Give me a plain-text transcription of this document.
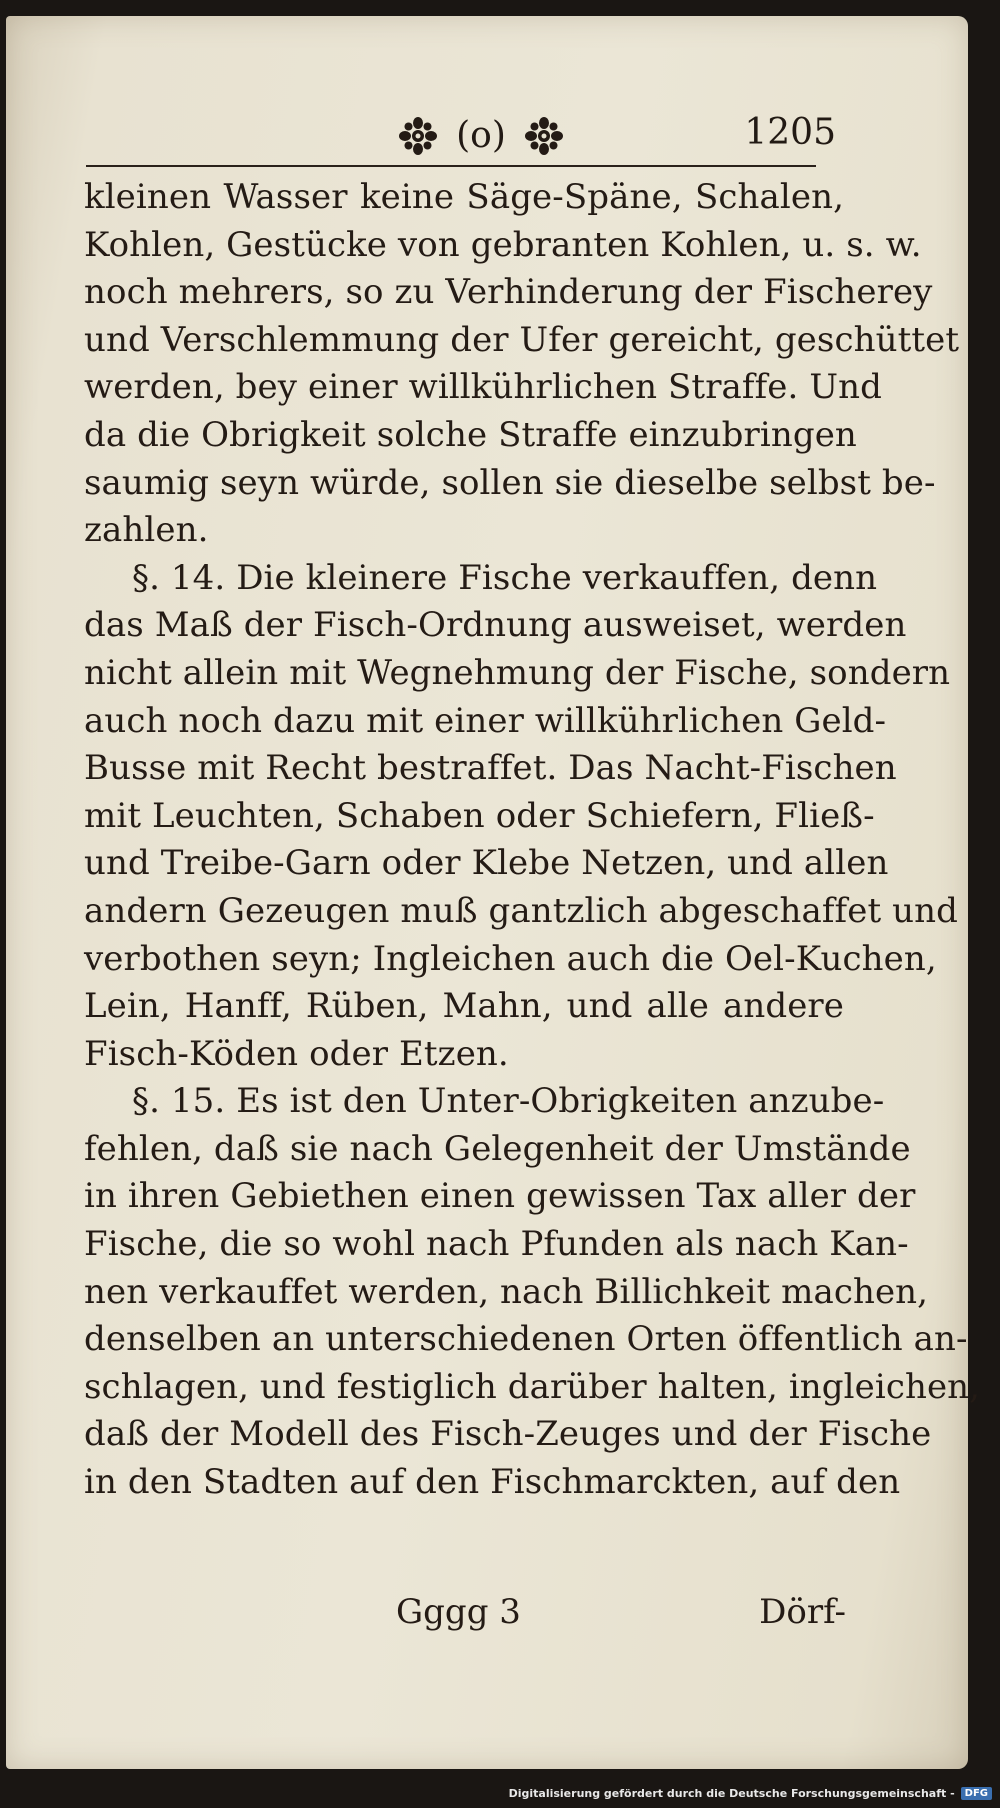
(o)	1205
kleinen Wasser keine Säge-Späne, Schalen,
Kohlen, Gestücke von gebranten Kohlen, u. s. w.
noch mehrers, so zu Verhinderung der Fischerey
und Verschlemmung der Ufer gereicht, geschüttet
werden, bey einer willkührlichen Straffe. Und
da die Obrigkeit solche Straffe einzubringen
saumig seyn würde, sollen sie dieselbe selbst be-
zahlen.
§. 14. Die kleinere Fische verkauffen, denn
das Maß der Fisch-Ordnung ausweiset, werden
nicht allein mit Wegnehmung der Fische, sondern
auch noch dazu mit einer willkührlichen Geld-
Busse mit Recht bestraffet. Das Nacht-Fischen
mit Leuchten, Schaben oder Schiefern, Fließ-
und Treibe-Garn oder Klebe Netzen, und allen
andern Gezeugen muß gantzlich abgeschaffet und
verbothen seyn; Ingleichen auch die Oel-Kuchen,
Lein, Hanff, Rüben, Mahn, und alle andere
Fisch-Köden oder Etzen.
§. 15. Es ist den Unter-Obrigkeiten anzube-
fehlen, daß sie nach Gelegenheit der Umstände
in ihren Gebiethen einen gewissen Tax aller der
Fische, die so wohl nach Pfunden als nach Kan-
nen verkauffet werden, nach Billichkeit machen,
denselben an unterschiedenen Orten öffentlich an-
schlagen, und festiglich darüber halten, ingleichen,
daß der Modell des Fisch-Zeuges und der Fische
in den Stadten auf den Fischmarckten, auf den
Gggg 3	Dörf-
Digitalisierung gefördert durch die Deutsche Forschungsgemeinschaft -	DFG
